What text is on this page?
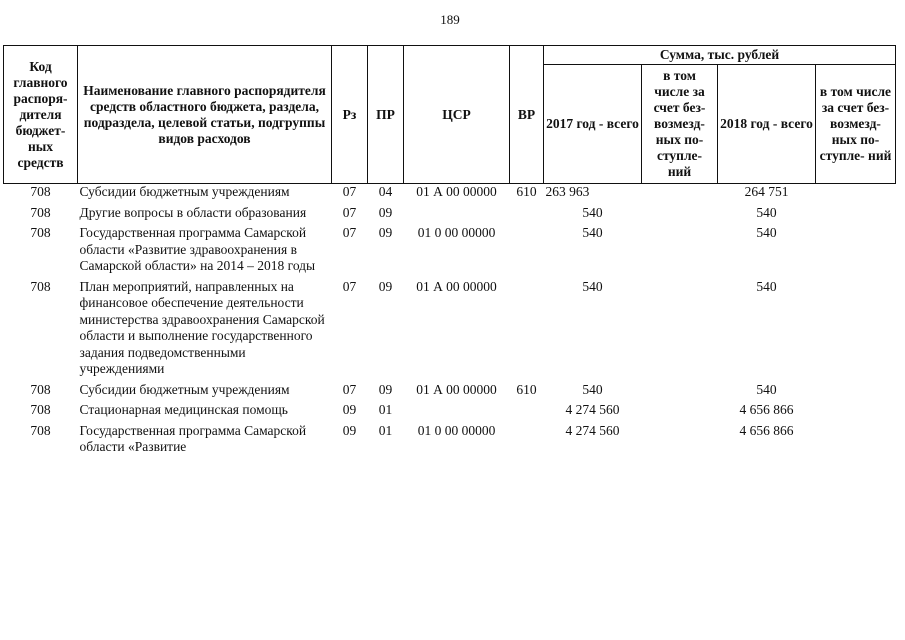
189
Код главного распоря- дителя бюджет- ных средств	Наименование главного распорядителя средств областного бюджета, раздела, подраздела, целевой статьи, подгруппы видов расходов	Рз	ПР	ЦСР	ВР	Сумма, тыс. рублей			
						2017 год - всего	в том числе за счет без- возмезд- ных по- ступле- ний	2018 год - всего	в том числе за счет без- возмезд- ных по- ступле- ний
708	Субсидии бюджетным учреждениям	07	04	01 А 00 00000	610	263 963		264 751	
708	Другие вопросы в области образования	07	09			540		540	
708	Государственная программа Самарской области «Развитие здравоохранения в Самарской области» на 2014 – 2018 годы	07	09	01 0 00 00000		540		540	
708	План мероприятий, направленных на финансовое обеспечение деятельности министерства здравоохранения Самарской области и выполнение государственного задания подведомственными учреждениями	07	09	01 А 00 00000		540		540	
708	Субсидии бюджетным учреждениям	07	09	01 А 00 00000	610	540		540	
708	Стационарная медицинская помощь	09	01			4 274 560		4 656 866	
708	Государственная программа Самарской области «Развитие	09	01	01 0 00 00000		4 274 560		4 656 866	
